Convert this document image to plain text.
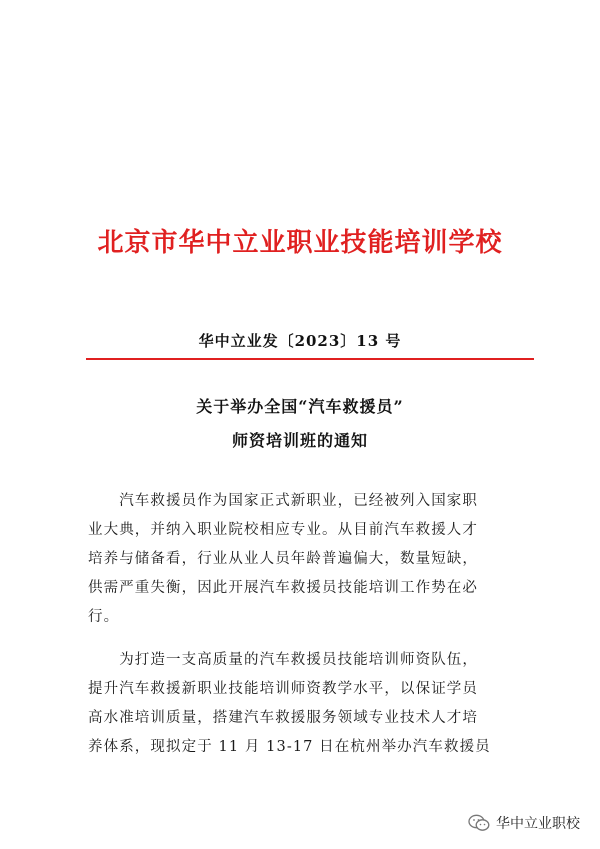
北京市华中立业职业技能培训学校
华中立业发〔2023〕13 号
关于举办全国“汽车救援员”
师资培训班的通知
　　汽车救援员作为国家正式新职业，已经被列入国家职
业大典，并纳入职业院校相应专业。从目前汽车救援人才
培养与储备看，行业从业人员年龄普遍偏大，数量短缺，
供需严重失衡，因此开展汽车救援员技能培训工作势在必
行。
　　为打造一支高质量的汽车救援员技能培训师资队伍，
提升汽车救援新职业技能培训师资教学水平，以保证学员
高水准培训质量，搭建汽车救援服务领域专业技术人才培
养体系，现拟定于 11 月 13-17 日在杭州举办汽车救援员
华中立业职校
